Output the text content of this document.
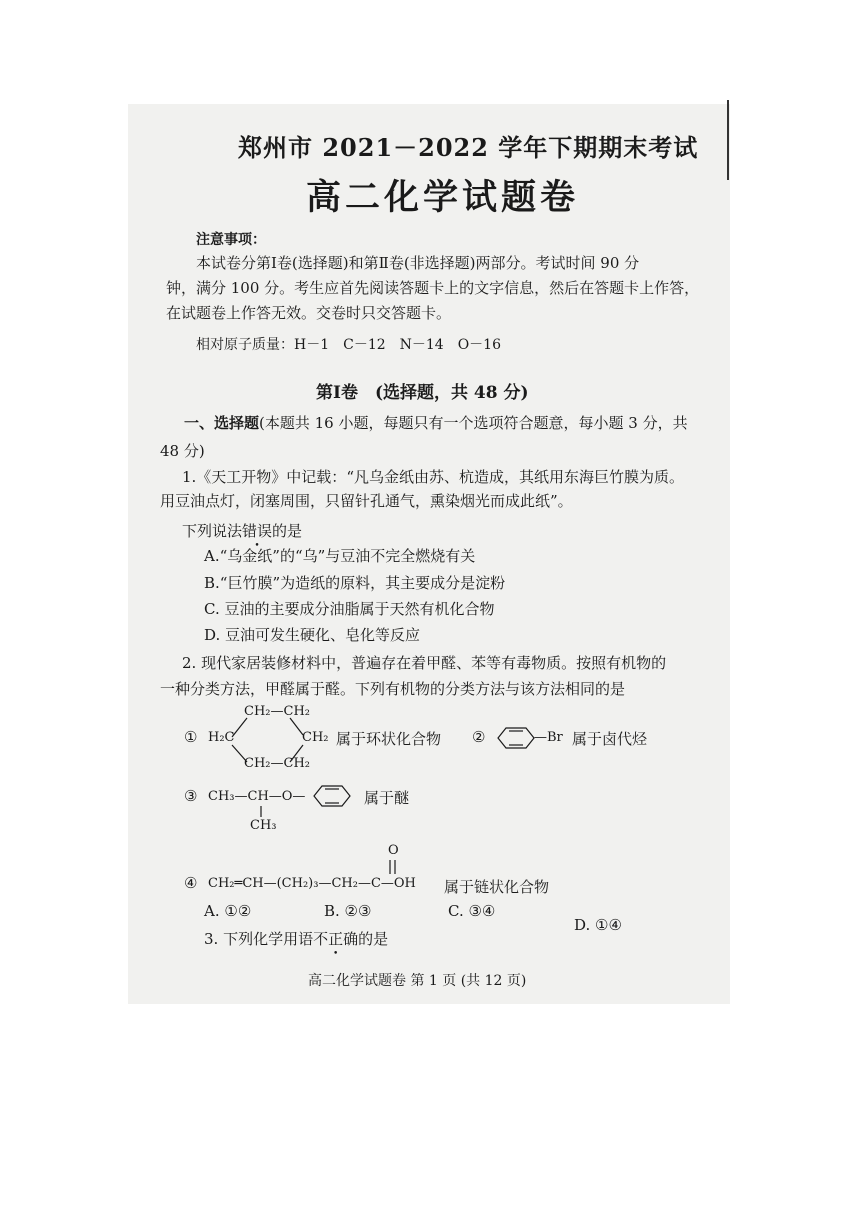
郑州市 2021－2022 学年下期期末考试
高二化学试题卷
注意事项：
本试卷分第Ⅰ卷(选择题)和第Ⅱ卷(非选择题)两部分。考试时间 90 分
钟，满分 100 分。考生应首先阅读答题卡上的文字信息，然后在答题卡上作答，
在试题卷上作答无效。交卷时只交答题卡。
相对原子质量：H－1　C－12　N－14　O－16
第Ⅰ卷　(选择题，共 48 分)
一、选择题(本题共 16 小题，每题只有一个选项符合题意，每小题 3 分，共
48 分)
1.《天工开物》中记载：“凡乌金纸由苏、杭造成，其纸用东海巨竹膜为质。
用豆油点灯，闭塞周围，只留针孔通气，熏染烟光而成此纸”。
下列说法错误的是
A.“乌金纸”的“乌”与豆油不完全燃烧有关
B.“巨竹膜”为造纸的原料，其主要成分是淀粉
C. 豆油的主要成分油脂属于天然有机化合物
D. 豆油可发生硬化、皂化等反应
2. 现代家居装修材料中，普遍存在着甲醛、苯等有毒物质。按照有机物的
一种分类方法，甲醛属于醛。下列有机物的分类方法与该方法相同的是
①
CH₂—CH₂
H₂C	CH₂
CH₂—CH₂
属于环状化合物 ②	—Br 属于卤代烃
③ CH₃—CH—O—
CH₃
属于醚
O
④ CH₂═CH—(CH₂)₃—CH₂—C—OH 属于链状化合物
A. ①②	B. ②③	C. ③④
D. ①④
3. 下列化学用语不正确的是
高二化学试题卷 第 1 页 (共 12 页)
